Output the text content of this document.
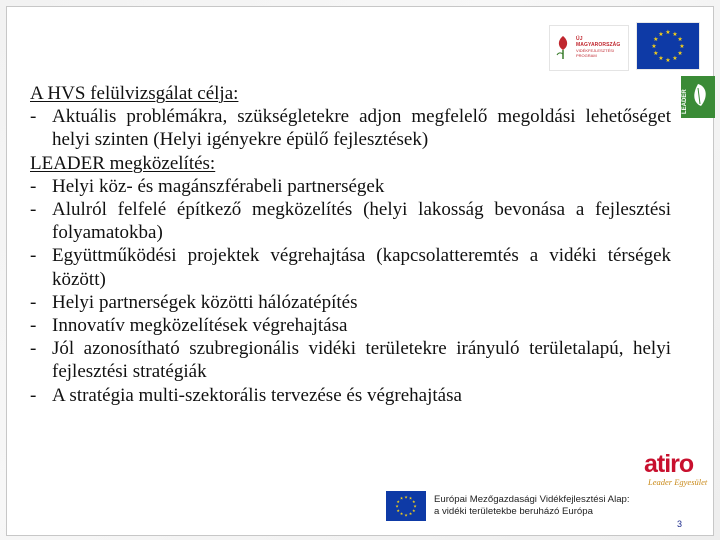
ÚJ MAGYARORSZÁG
VIDÉKFEJLESZTÉSI PROGRAM
★
★
★
★
★
★
★
★
★ ★ ★
★
LEADER
A HVS felülvizsgálat célja:
- Aktuális problémákra, szükségletekre adjon megfelelő megoldási lehetőséget helyi szinten (Helyi igényekre épülő fejlesztések)
LEADER megközelítés:
- Helyi köz- és magánszférabeli partnerségek
- Alulról felfelé építkező megközelítés (helyi lakosság bevonása a fejlesztési folyamatokba)
- Együttműködési projektek végrehajtása (kapcsolatteremtés a vidéki térségek között)
- Helyi partnerségek közötti hálózatépítés
- Innovatív megközelítések végrehajtása
- Jól azonosítható szubregionális vidéki területekre irányuló területalapú, helyi fejlesztési stratégiák
- A stratégia multi-szektorális tervezése és végrehajtása
atiro
Leader Egyesület
★
★
★
★
★
★
★
★
★ ★ ★
★ Európai Mezőgazdasági Vidékfejlesztési Alap:
a vidéki területekbe beruházó Európa
3
